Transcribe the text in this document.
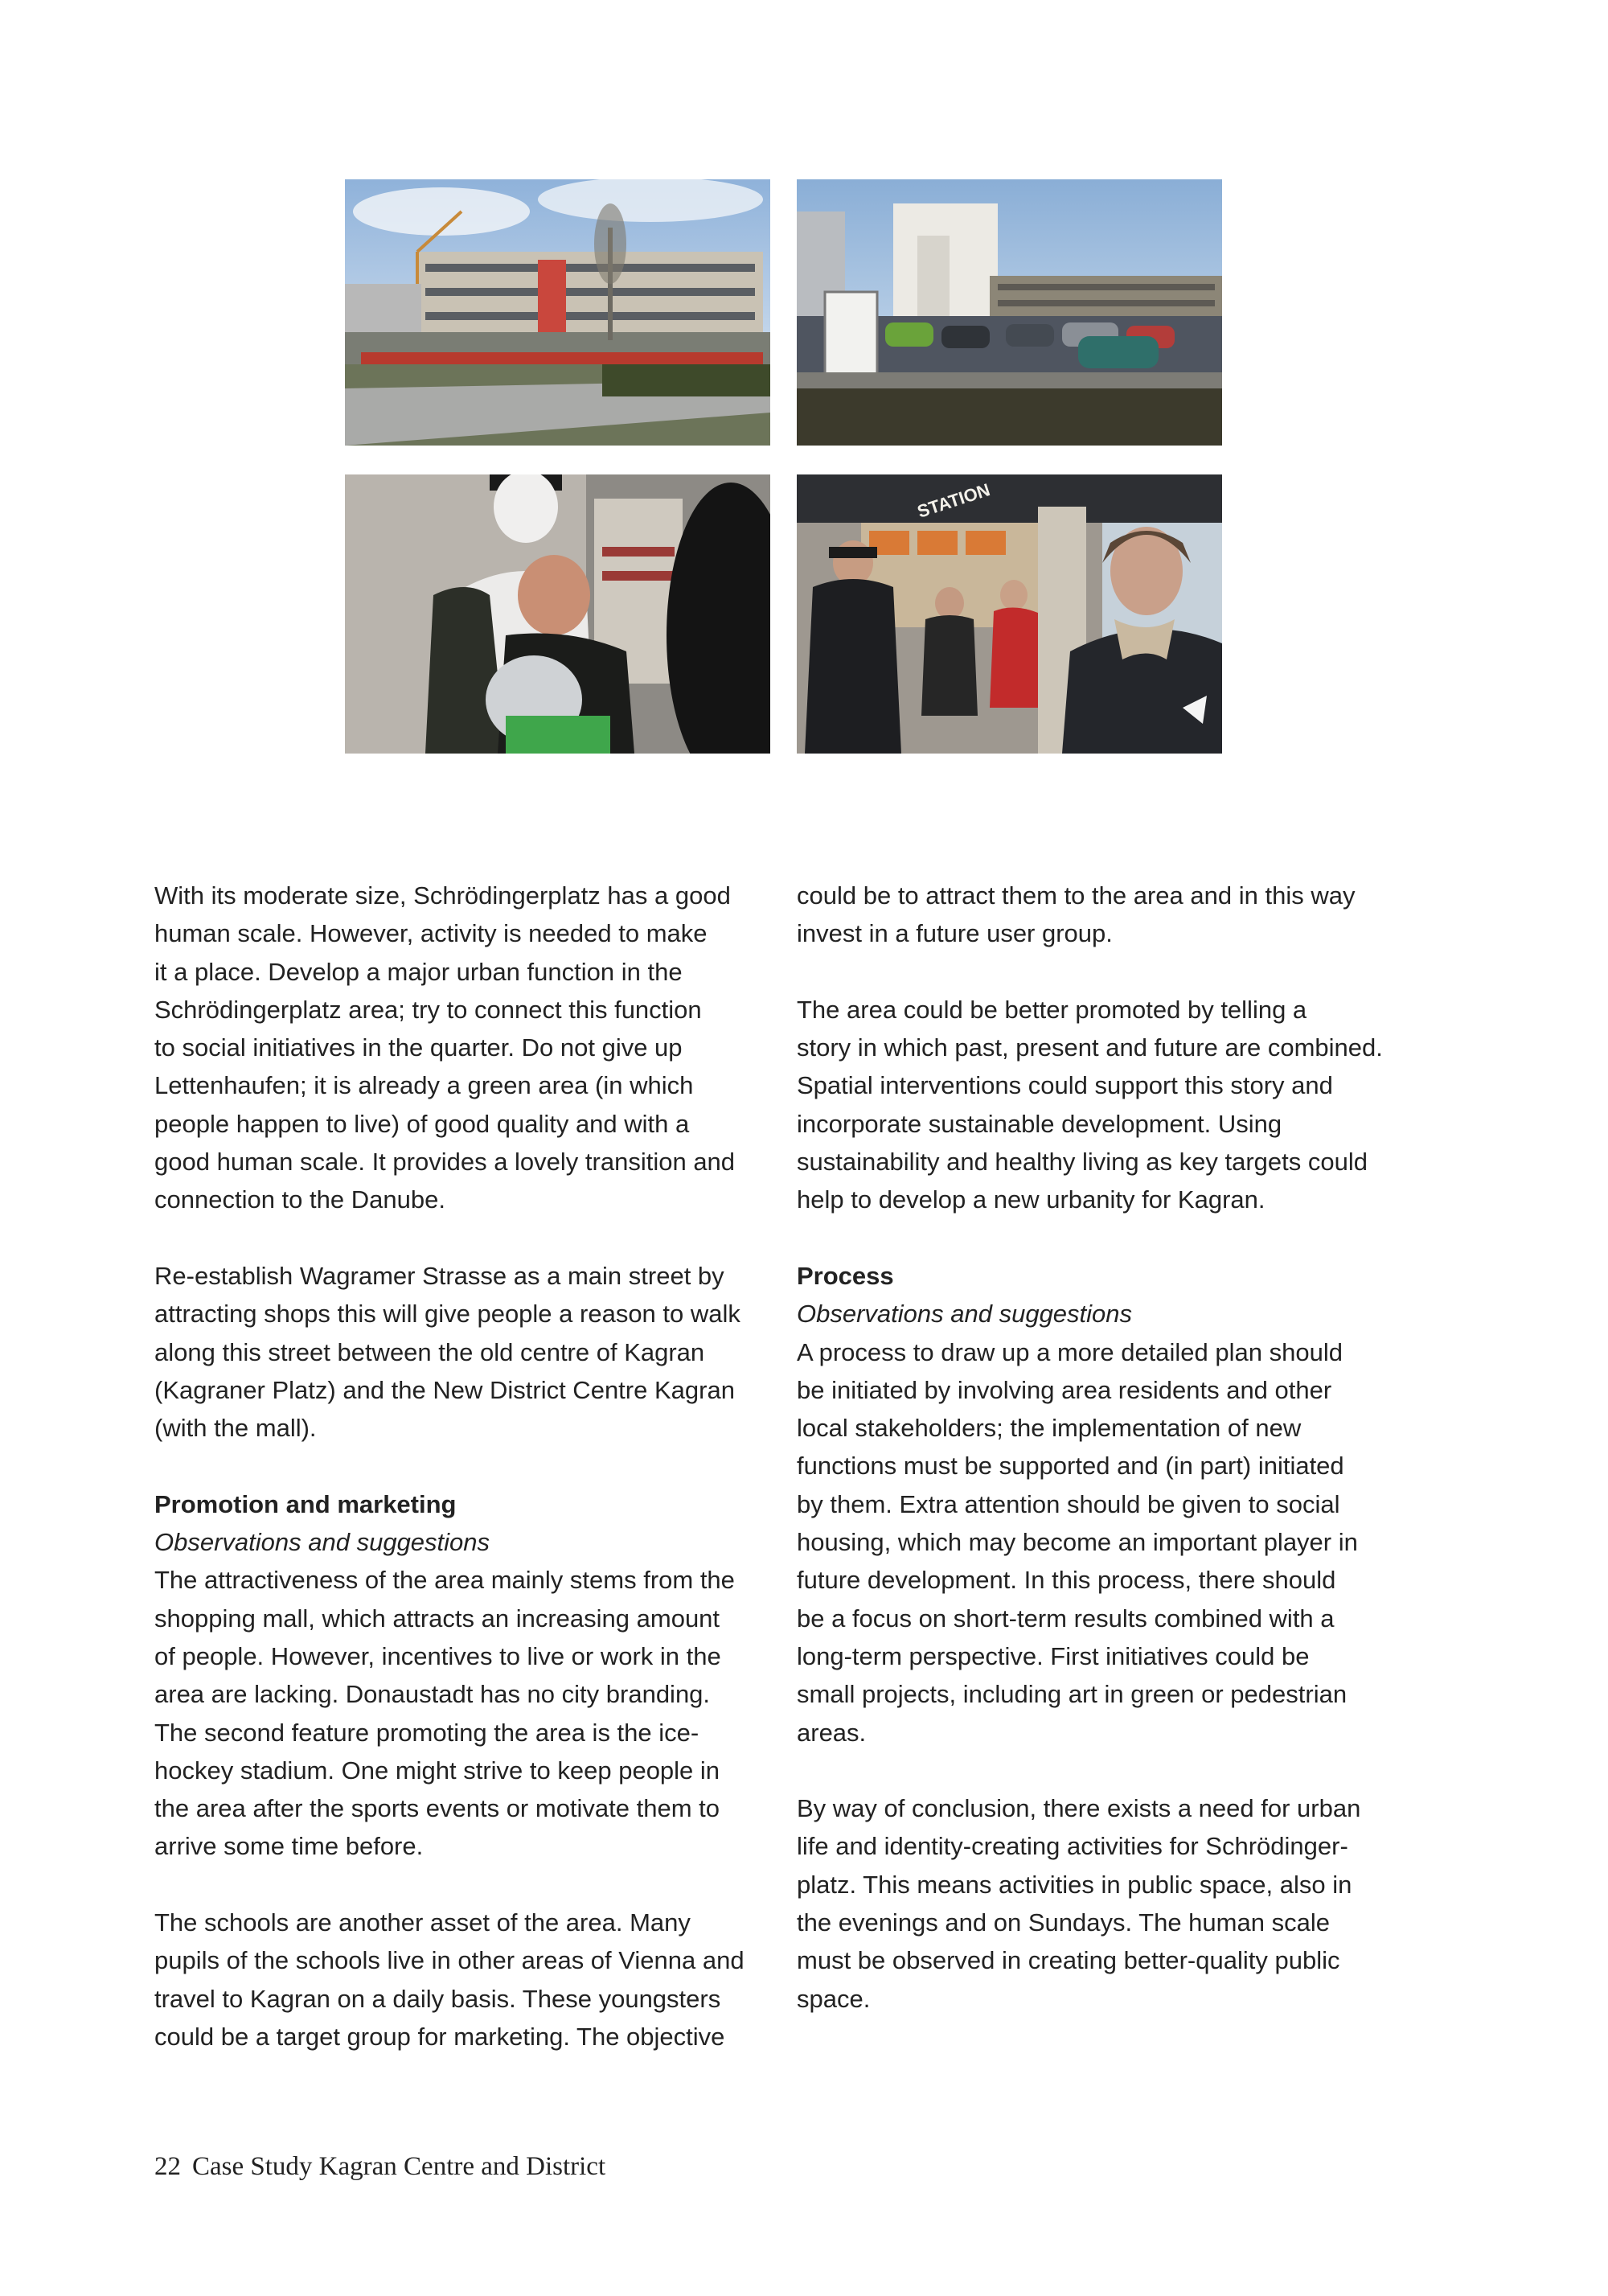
STATION

With its moderate size, Schrödingerplatz has a good
human scale. However, activity is needed to make
it a place. Develop a major urban function in the
Schrödingerplatz area; try to connect this function
to social initiatives in the quarter. Do not give up
Lettenhaufen; it is already a green area (in which
people happen to live) of good quality and with a
good human scale. It provides a lovely transition and
connection to the Danube.

Re-establish Wagramer Strasse as a main street by
attracting shops this will give people a reason to walk
along this street between the old centre of Kagran
(Kagraner Platz) and the New District Centre Kagran
(with the mall).

Promotion and marketing
Observations and suggestions
The attractiveness of the area mainly stems from the
shopping mall, which attracts an increasing amount
of people. However, incentives to live or work in the
area are lacking. Donaustadt has no city branding.
The second feature promoting the area is the ice-
hockey stadium. One might strive to keep people in
the area after the sports events or motivate them to
arrive some time before.

The schools are another asset of the area. Many
pupils of the schools live in other areas of Vienna and
travel to Kagran on a daily basis. These youngsters
could be a target group for marketing. The objective

could be to attract them to the area and in this way
invest in a future user group.

The area could be better promoted by telling a
story in which past, present and future are combined.
Spatial interventions could support this story and
incorporate sustainable development. Using
sustainability and healthy living as key targets could
help to develop a new urbanity for Kagran.

Process
Observations and suggestions
A process to draw up a more detailed plan should
be initiated by involving area residents and other
local stakeholders; the implementation of new
functions must be supported and (in part) initiated
by them. Extra attention should be given to social
housing, which may become an important player in
future development. In this process, there should
be a focus on short-term results combined with a
long-term perspective. First initiatives could be
small projects, including art in green or pedestrian
areas.

By way of conclusion, there exists a need for urban
life and identity-creating activities for Schrödinger-
platz. This means activities in public space, also in
the evenings and on Sundays. The human scale
must be observed in creating better-quality public
space.

22 Case Study Kagran Centre and District
